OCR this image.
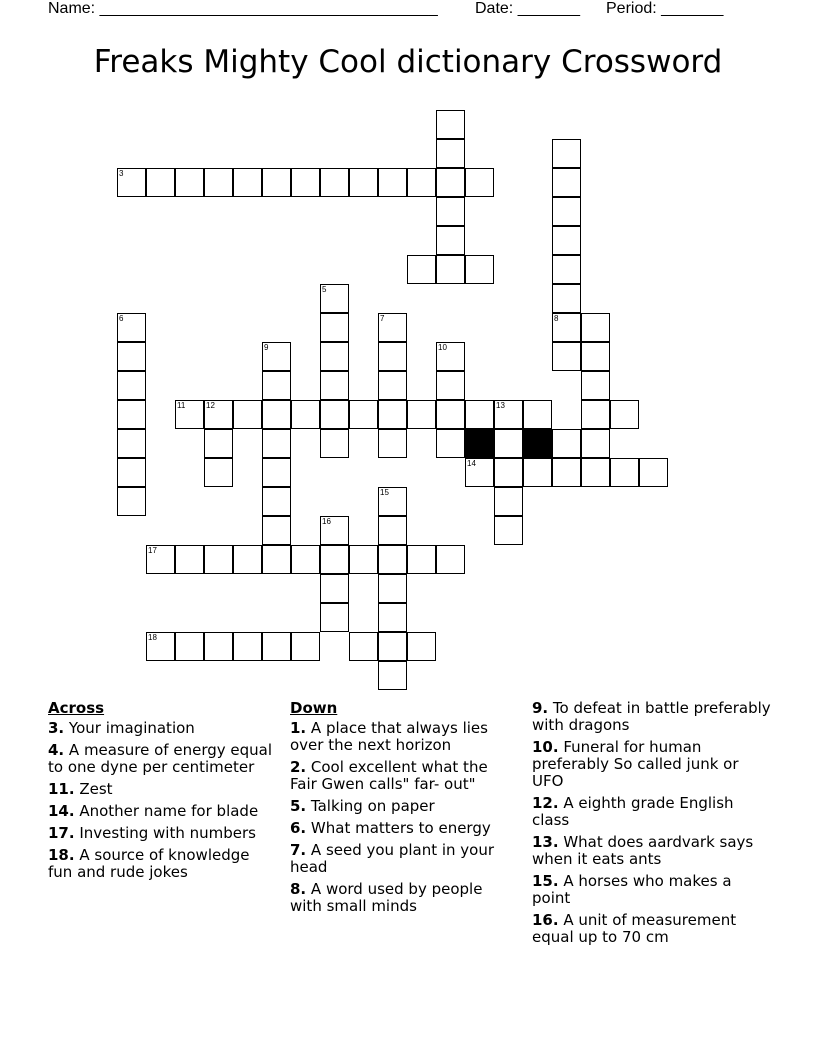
Name: ______________________________________ Date: _______ Period: _______
Freaks Mighty Cool dictionary Crossword
8
3
5
6	7
9	10
11	12	13
14
15
16
17
18
Across
3. Your imagination
4. A measure of energy equal to one dyne per centimeter
11. Zest
14. Another name for blade
17. Investing with numbers
18. A source of knowledge fun and rude jokes
Down
1. A place that always lies over the next horizon
2. Cool excellent what the Fair Gwen calls" far- out"
5. Talking on paper
6. What matters to energy
7. A seed you plant in your head
8. A word used by people with small minds
9. To defeat in battle preferably with dragons
10. Funeral for human preferably So called junk or UFO
12. A eighth grade English class
13. What does aardvark says when it eats ants
15. A horses who makes a point
16. A unit of measurement equal up to 70 cm
